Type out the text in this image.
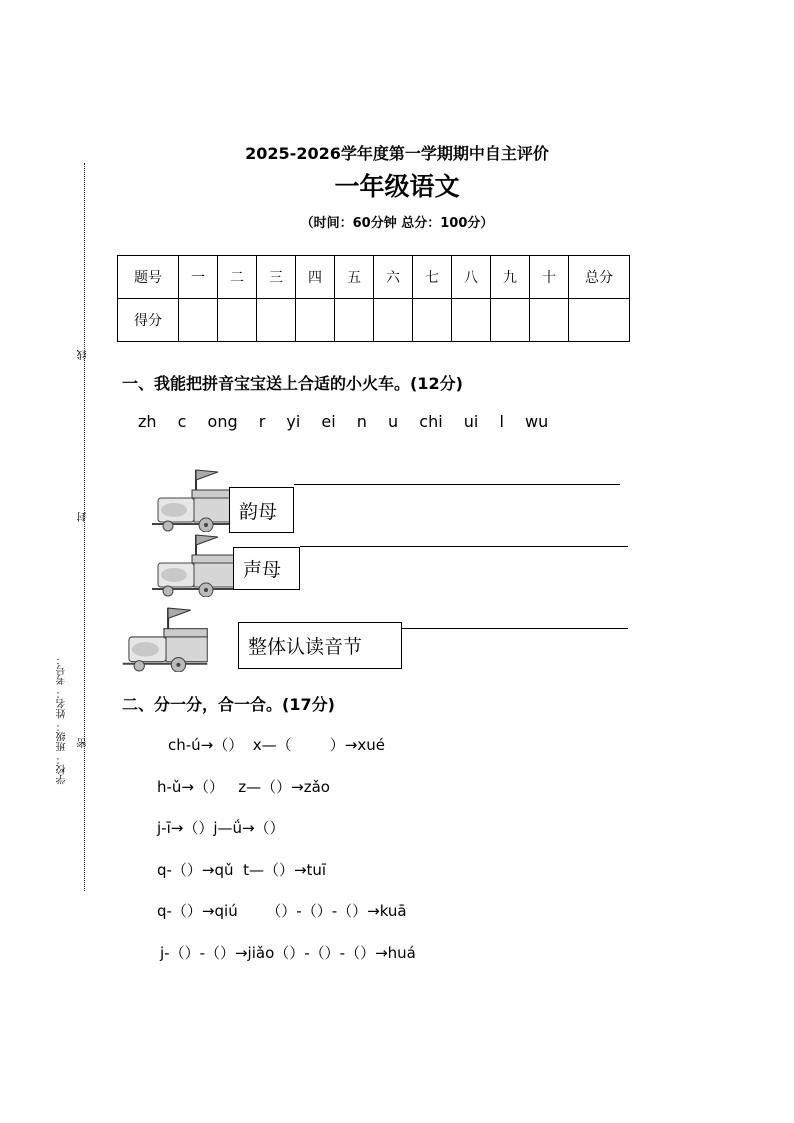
线
封
密
学校： 班级： 姓名： 考号：
2025-2026学年度第一学期期中自主评价
一年级语文
（时间：60分钟 总分：100分）
题号	一	二	三	四	五	六	七	八	九	十	总分
得分											
一、我能把拼音宝宝送上合适的小火车。(12分)
zh c ong r yi ei n u chi ui l wu
韵母
声母
整体认读音节
二、分一分，合一合。(17分)
ch-ú→（）  x—（        ）→xué
h-ǔ→（）   z—（）→zǎo
j-ī→（）j—ǘ→（）
q-（）→qǔ  t—（）→tuī
q-（）→qiú      （）-（）-（）→kuā
j-（）-（）→jiǎo（）-（）-（）→huá
